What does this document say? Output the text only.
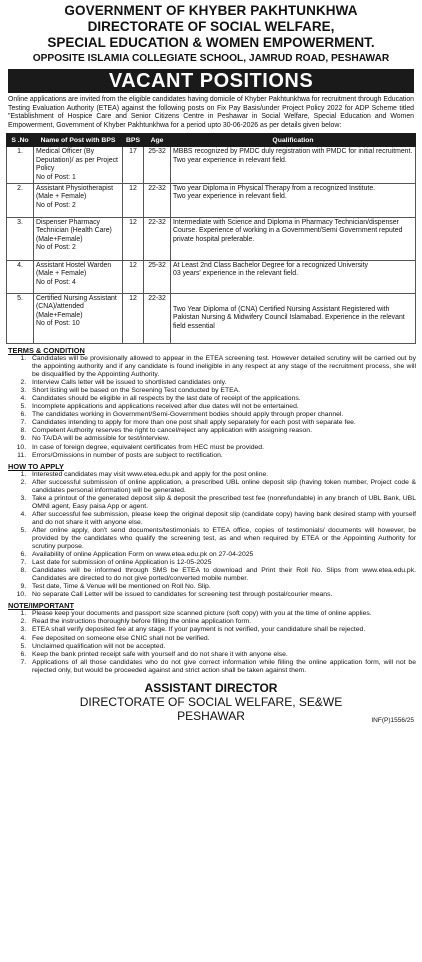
GOVERNMENT OF KHYBER PAKHTUNKHWA
DIRECTORATE OF SOCIAL WELFARE,
SPECIAL EDUCATION & WOMEN EMPOWERMENT.
OPPOSITE ISLAMIA COLLEGIATE SCHOOL, JAMRUD ROAD, PESHAWAR
VACANT POSITIONS
Online applications are invited from the eligible candidates having domicile of Khyber Pakhtunkhwa for recruitment through Education Testing Evaluation Authority (ETEA) against the following posts on Fix Pay Basis/under Project Policy 2022 for ADP Scheme titled "Establishment of Hospice Care and Senior Citizens Centre in Peshawar in Social Welfare, Special Education and Women Empowerment, Government of Khyber Pakhtunkhwa for a period upto 30-06-2026 as per details given below:
S .No	Name of Post with BPS	BPS	Age	Qualification
1.	Medical Officer (By Deputation)/ as per Project Policy
No of Post: 1	17	25-32	MBBS recognized by PMDC duly registration with PMDC for initial recruitment.
Two year experience in relevant field.

2.	Assistant Physiotherapist (Male + Female)
No of Post: 2	12	22-32	Two year Diploma in Physical Therapy from a recognized Institute.
Two year experience in relevant field.

3.	Dispenser Pharmacy Technician (Health Care) (Male+Female)
No of Post: 2	12	22-32	Intermediate with Science and Diploma in Pharmacy Technician/dispenser Course. Experience of working in a Government/Semi Government reputed private hospital preferable.
4.	Assistant Hostel Warden (Male + Female)
No of Post: 4	12	25-32	At Least 2nd Class Bachelor Degree for a recognized University
03 years' experience in the relevant field.

5.	Certified Nursing Assistant (CNA)/attended (Male+Female)
No of Post: 10	12	22-32	Two Year Diploma of (CNA) Certified Nursing Assistant Registered with Pakistan Nursing & Midwifery Council Islamabad. Experience in the relevant field essential
TERMS & CONDITION
1. Candidates will be provisionally allowed to appear in the ETEA screening test. However detailed scrutiny will be carried out by the appointing authority and if any candidate is found ineligible in any respect at any stage of the recruitment process, she will be disqualified by the Appointing Authority.
2. Interview Calls letter will be issued to shortlisted candidates only.
3. Short listing will be based on the Screening Test conducted by ETEA.
4. Candidates should be eligible in all respects by the last date of receipt of the applications.
5. Incomplete applications and applications received after due dates will not be entertained.
6. The candidates working in Government/Semi-Government bodies should apply through proper channel.
7. Candidates intending to apply for more than one post shall apply separately for each post with separate fee.
8. Competent Authority reserves the right to cancel/reject any application with assigning reason.
9. No TA/DA will be admissible for test/interview.
10. In case of foreign degree, equivalent certificates from HEC must be provided.
11. Errors/Omissions in number of posts are subject to rectification.
HOW TO APPLY
1. Interested candidates may visit www.etea.edu.pk and apply for the post online.
2. After successful submission of online application, a prescribed UBL online deposit slip (having token number, Project code & candidates personal information) will be generated.
3. Take a printout of the generated deposit slip & deposit the prescribed test fee (nonrefundable) in any branch of UBL Bank, UBL OMNI agent, Easy paisa App or agent.
4. After successful fee submission, please keep the original deposit slip (candidate copy) having bank desired stamp with yourself and do not share it with anyone else.
5. After online apply, don't send documents/testimonials to ETEA office, copies of testimonials/ documents will however, be provided by the candidates who qualify the screening test, as and when required by ETEA or the Appointing Authority for scrutiny purpose.
6. Availability of online Application Form on www.etea.edu.pk on 27-04-2025
7. Last date for submission of online Application is 12-05-2025
8. Candidates will be informed through SMS be ETEA to download and Print their Roll No. Slips from www.etea.edu.pk. Candidates are directed to do not give ported/converted mobile number.
9. Test date, Time & Venue will be mentioned on Roll No. Slip.
10. No separate Call Letter will be issued to candidates for screening test through postal/courier means.
NOTE/IMPORTANT
1. Please keep your documents and passport size scanned picture (soft copy) with you at the time of online applies.
2. Read the instructions thoroughly before filling the online application form.
3. ETEA shall verify deposited fee at any stage. If your payment is not verified, your candidature shall be rejected.
4. Fee deposited on someone else CNIC shall not be verified.
5. Unclaimed qualification will not be accepted.
6. Keep the bank printed receipt safe with yourself and do not share it with anyone else.
7. Applications of all those candidates who do not give correct information while filling the online application form, will not be rejected only, but would be proceeded against and strict action shall be taken against them.
ASSISTANT DIRECTOR
DIRECTORATE OF SOCIAL WELFARE, SE&WE
PESHAWAR	INF(P)1556/25
